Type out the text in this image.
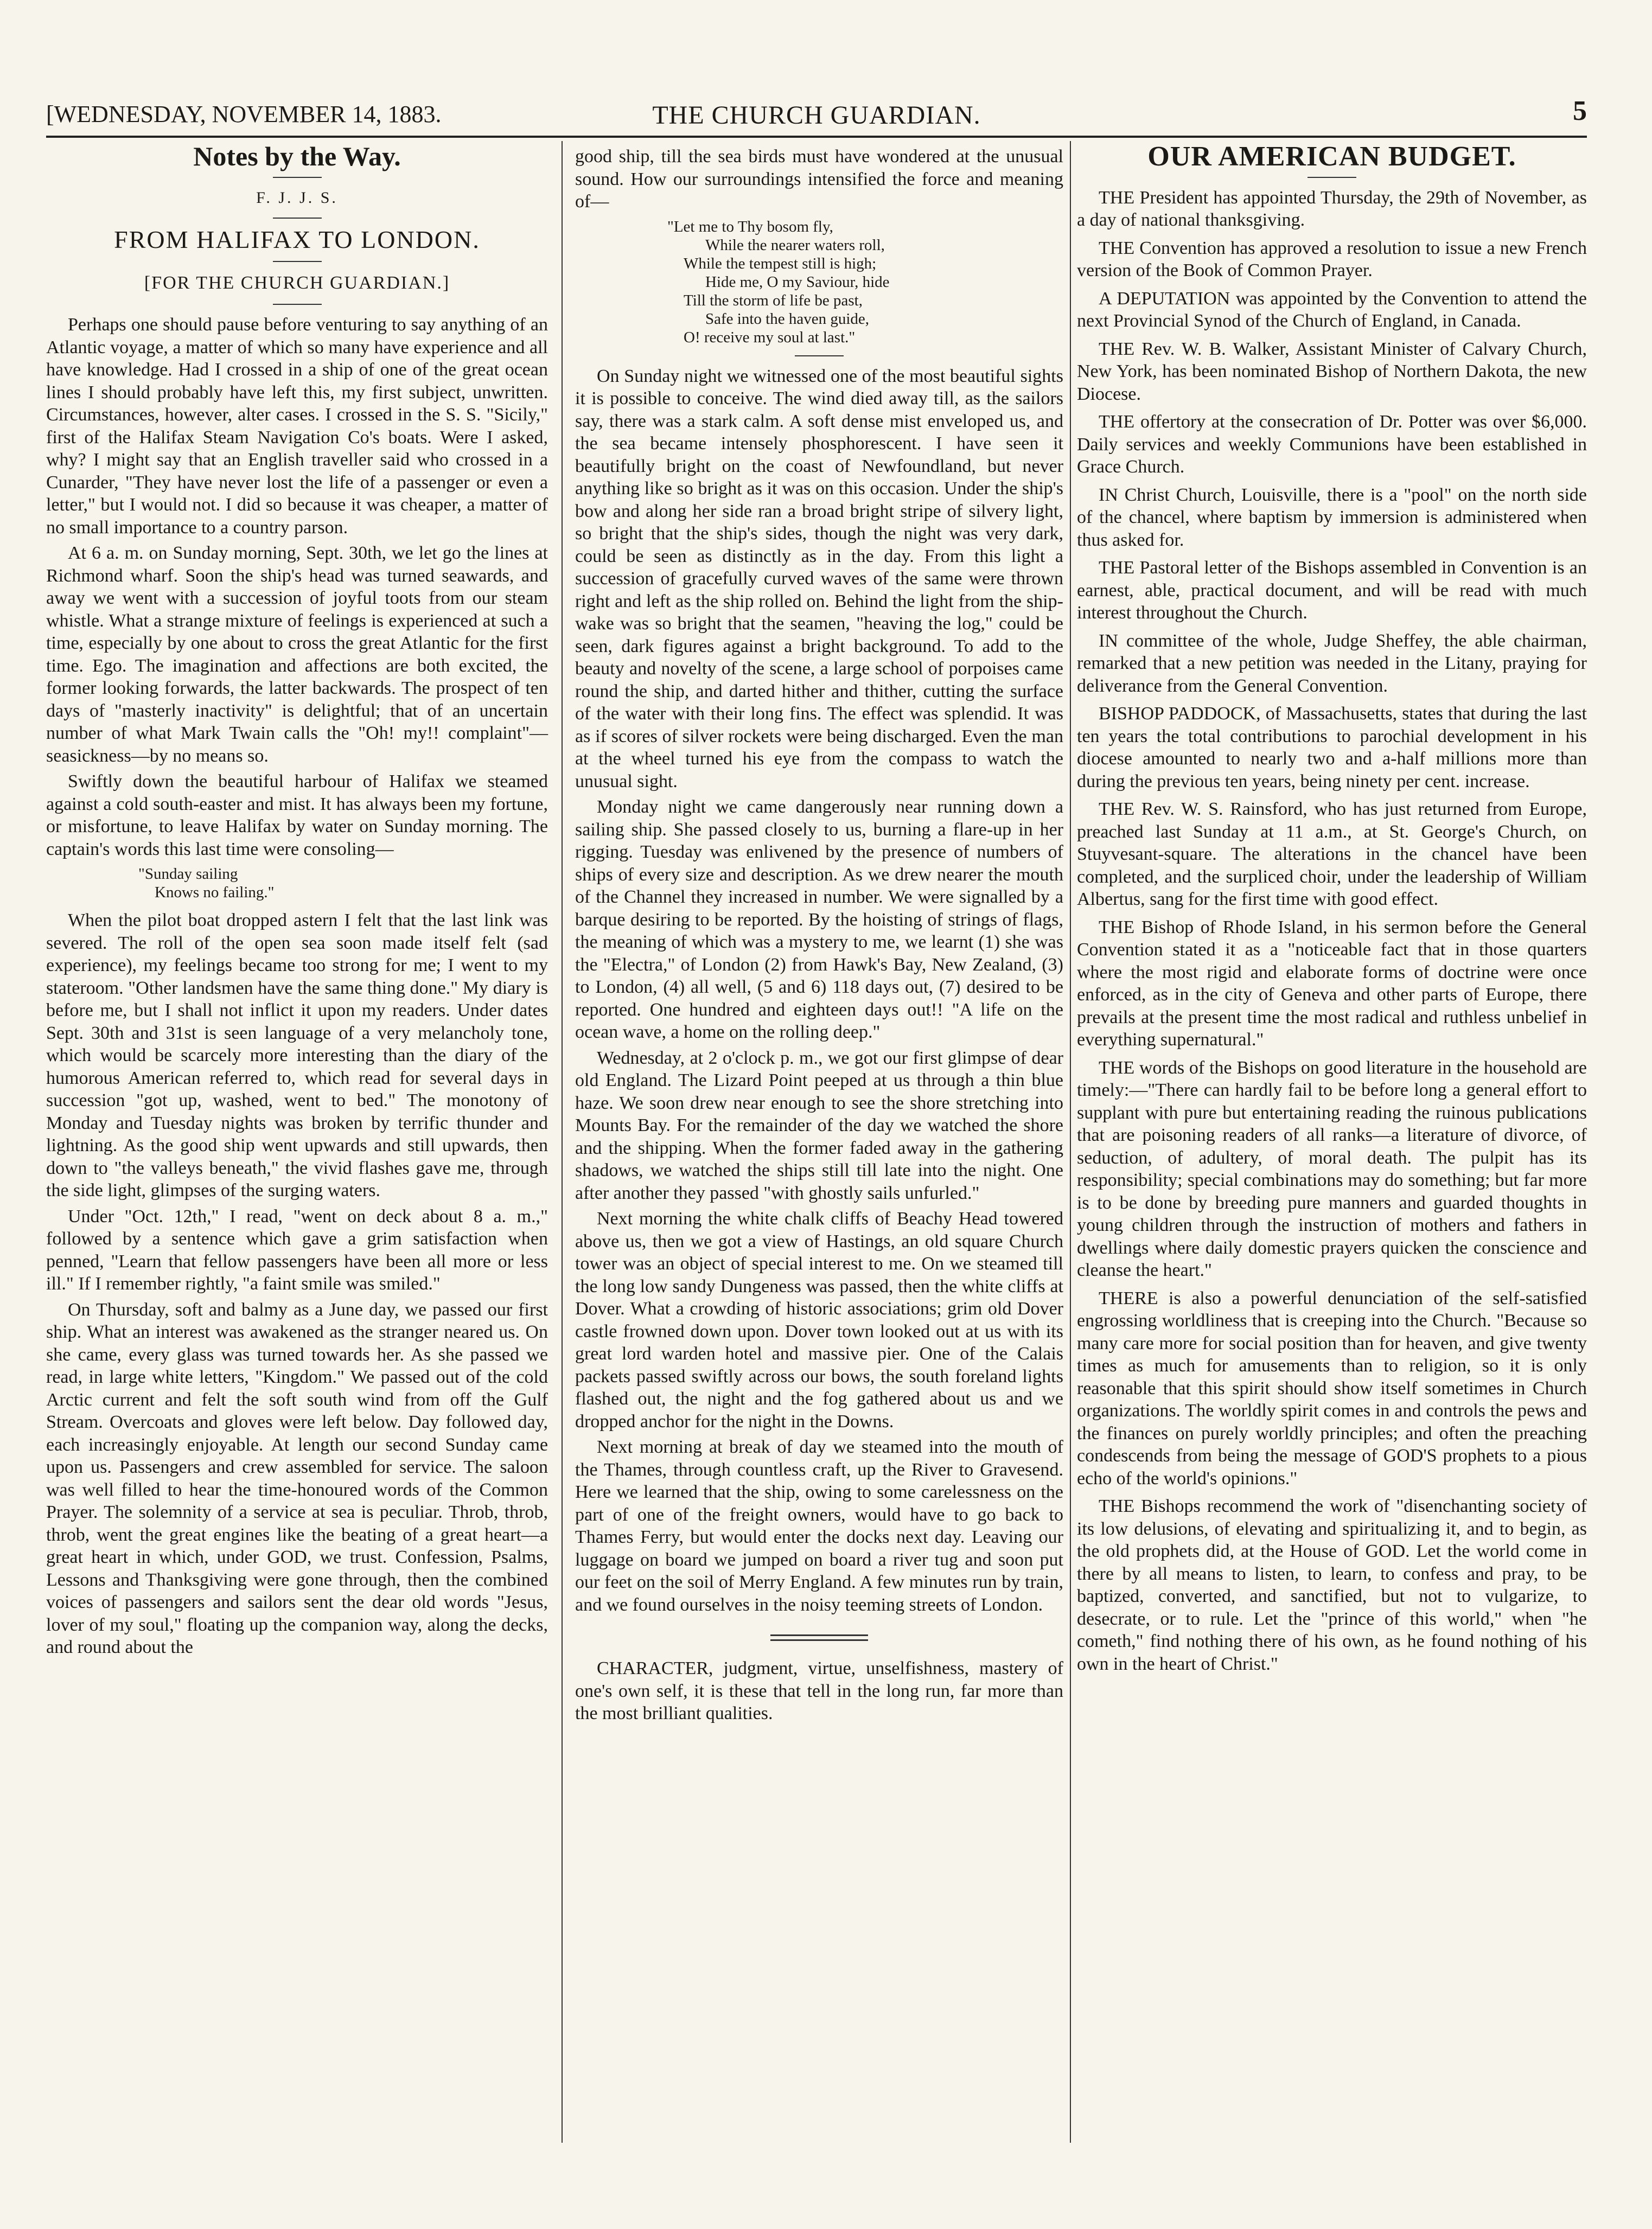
[WEDNESDAY, NOVEMBER 14, 1883.	THE CHURCH GUARDIAN.	5
Notes by the Way.
F. J. J. S.
FROM HALIFAX TO LONDON.
[FOR THE CHURCH GUARDIAN.]

Perhaps one should pause before venturing to say anything of an Atlantic voyage, a matter of which so many have experience and all have knowledge. Had I crossed in a ship of one of the great ocean lines I should probably have left this, my first subject, unwritten. Circumstances, however, alter cases. I crossed in the S. S. "Sicily," first of the Halifax Steam Navigation Co's boats. Were I asked, why? I might say that an English traveller said who crossed in a Cunarder, "They have never lost the life of a passenger or even a letter," but I would not. I did so because it was cheaper, a matter of no small importance to a country parson.

At 6 a. m. on Sunday morning, Sept. 30th, we let go the lines at Richmond wharf. Soon the ship's head was turned seawards, and away we went with a succession of joyful toots from our steam whistle. What a strange mixture of feelings is experienced at such a time, especially by one about to cross the great Atlantic for the first time. Ego. The imagination and affections are both excited, the former looking forwards, the latter backwards. The prospect of ten days of "masterly inactivity" is delightful; that of an uncertain number of what Mark Twain calls the "Oh! my!! complaint"—seasickness—by no means so.

Swiftly down the beautiful harbour of Halifax we steamed against a cold south-easter and mist. It has always been my fortune, or misfortune, to leave Halifax by water on Sunday morning. The captain's words this last time were consoling—

"Sunday sailing
Knows no failing."

When the pilot boat dropped astern I felt that the last link was severed. The roll of the open sea soon made itself felt (sad experience), my feelings became too strong for me; I went to my stateroom. "Other landsmen have the same thing done." My diary is before me, but I shall not inflict it upon my readers. Under dates Sept. 30th and 31st is seen language of a very melancholy tone, which would be scarcely more interesting than the diary of the humorous American referred to, which read for several days in succession "got up, washed, went to bed." The monotony of Monday and Tuesday nights was broken by terrific thunder and lightning. As the good ship went upwards and still upwards, then down to "the valleys beneath," the vivid flashes gave me, through the side light, glimpses of the surging waters.

Under "Oct. 12th," I read, "went on deck about 8 a. m.," followed by a sentence which gave a grim satisfaction when penned, "Learn that fellow passengers have been all more or less ill." If I remember rightly, "a faint smile was smiled."

On Thursday, soft and balmy as a June day, we passed our first ship. What an interest was awakened as the stranger neared us. On she came, every glass was turned towards her. As she passed we read, in large white letters, "Kingdom." We passed out of the cold Arctic current and felt the soft south wind from off the Gulf Stream. Overcoats and gloves were left below. Day followed day, each increasingly enjoyable. At length our second Sunday came upon us. Passengers and crew assembled for service. The saloon was well filled to hear the time-honoured words of the Common Prayer. The solemnity of a service at sea is peculiar. Throb, throb, throb, went the great engines like the beating of a great heart—a great heart in which, under GOD, we trust. Confession, Psalms, Lessons and Thanksgiving were gone through, then the combined voices of passengers and sailors sent the dear old words "Jesus, lover of my soul," floating up the companion way, along the decks, and round about the

good ship, till the sea birds must have wondered at the unusual sound. How our surroundings intensified the force and meaning of—
"Let me to Thy bosom fly,
While the nearer waters roll,
While the tempest still is high;
Hide me, O my Saviour, hide
Till the storm of life be past,
Safe into the haven guide,
O! receive my soul at last."

On Sunday night we witnessed one of the most beautiful sights it is possible to conceive. The wind died away till, as the sailors say, there was a stark calm. A soft dense mist enveloped us, and the sea became intensely phosphorescent. I have seen it beautifully bright on the coast of Newfoundland, but never anything like so bright as it was on this occasion. Under the ship's bow and along her side ran a broad bright stripe of silvery light, so bright that the ship's sides, though the night was very dark, could be seen as distinctly as in the day. From this light a succession of gracefully curved waves of the same were thrown right and left as the ship rolled on. Behind the light from the ship-wake was so bright that the seamen, "heaving the log," could be seen, dark figures against a bright background. To add to the beauty and novelty of the scene, a large school of porpoises came round the ship, and darted hither and thither, cutting the surface of the water with their long fins. The effect was splendid. It was as if scores of silver rockets were being discharged. Even the man at the wheel turned his eye from the compass to watch the unusual sight.

Monday night we came dangerously near running down a sailing ship. She passed closely to us, burning a flare-up in her rigging. Tuesday was enlivened by the presence of numbers of ships of every size and description. As we drew nearer the mouth of the Channel they increased in number. We were signalled by a barque desiring to be reported. By the hoisting of strings of flags, the meaning of which was a mystery to me, we learnt (1) she was the "Electra," of London (2) from Hawk's Bay, New Zealand, (3) to London, (4) all well, (5 and 6) 118 days out, (7) desired to be reported. One hundred and eighteen days out!! "A life on the ocean wave, a home on the rolling deep."

Wednesday, at 2 o'clock p. m., we got our first glimpse of dear old England. The Lizard Point peeped at us through a thin blue haze. We soon drew near enough to see the shore stretching into Mounts Bay. For the remainder of the day we watched the shore and the shipping. When the former faded away in the gathering shadows, we watched the ships still till late into the night. One after another they passed "with ghostly sails unfurled."

Next morning the white chalk cliffs of Beachy Head towered above us, then we got a view of Hastings, an old square Church tower was an object of special interest to me. On we steamed till the long low sandy Dungeness was passed, then the white cliffs at Dover. What a crowding of historic associations; grim old Dover castle frowned down upon. Dover town looked out at us with its great lord warden hotel and massive pier. One of the Calais packets passed swiftly across our bows, the south foreland lights flashed out, the night and the fog gathered about us and we dropped anchor for the night in the Downs.

Next morning at break of day we steamed into the mouth of the Thames, through countless craft, up the River to Gravesend. Here we learned that the ship, owing to some carelessness on the part of one of the freight owners, would have to go back to Thames Ferry, but would enter the docks next day. Leaving our luggage on board we jumped on board a river tug and soon put our feet on the soil of Merry England. A few minutes run by train, and we found ourselves in the noisy teeming streets of London.

CHARACTER, judgment, virtue, unselfishness, mastery of one's own self, it is these that tell in the long run, far more than the most brilliant qualities.

OUR AMERICAN BUDGET.

THE President has appointed Thursday, the 29th of November, as a day of national thanksgiving.

THE Convention has approved a resolution to issue a new French version of the Book of Common Prayer.

A DEPUTATION was appointed by the Convention to attend the next Provincial Synod of the Church of England, in Canada.

THE Rev. W. B. Walker, Assistant Minister of Calvary Church, New York, has been nominated Bishop of Northern Dakota, the new Diocese.

THE offertory at the consecration of Dr. Potter was over $6,000. Daily services and weekly Communions have been established in Grace Church.

IN Christ Church, Louisville, there is a "pool" on the north side of the chancel, where baptism by immersion is administered when thus asked for.

THE Pastoral letter of the Bishops assembled in Convention is an earnest, able, practical document, and will be read with much interest throughout the Church.

IN committee of the whole, Judge Sheffey, the able chairman, remarked that a new petition was needed in the Litany, praying for deliverance from the General Convention.

BISHOP PADDOCK, of Massachusetts, states that during the last ten years the total contributions to parochial development in his diocese amounted to nearly two and a-half millions more than during the previous ten years, being ninety per cent. increase.

THE Rev. W. S. Rainsford, who has just returned from Europe, preached last Sunday at 11 a.m., at St. George's Church, on Stuyvesant-square. The alterations in the chancel have been completed, and the surpliced choir, under the leadership of William Albertus, sang for the first time with good effect.

THE Bishop of Rhode Island, in his sermon before the General Convention stated it as a "noticeable fact that in those quarters where the most rigid and elaborate forms of doctrine were once enforced, as in the city of Geneva and other parts of Europe, there prevails at the present time the most radical and ruthless unbelief in everything supernatural."

THE words of the Bishops on good literature in the household are timely:—"There can hardly fail to be before long a general effort to supplant with pure but entertaining reading the ruinous publications that are poisoning readers of all ranks—a literature of divorce, of seduction, of adultery, of moral death. The pulpit has its responsibility; special combinations may do something; but far more is to be done by breeding pure manners and guarded thoughts in young children through the instruction of mothers and fathers in dwellings where daily domestic prayers quicken the conscience and cleanse the heart."

THERE is also a powerful denunciation of the self-satisfied engrossing worldliness that is creeping into the Church. "Because so many care more for social position than for heaven, and give twenty times as much for amusements than to religion, so it is only reasonable that this spirit should show itself sometimes in Church organizations. The worldly spirit comes in and controls the pews and the finances on purely worldly principles; and often the preaching condescends from being the message of GOD'S prophets to a pious echo of the world's opinions."

THE Bishops recommend the work of "disenchanting society of its low delusions, of elevating and spiritualizing it, and to begin, as the old prophets did, at the House of GOD. Let the world come in there by all means to listen, to learn, to confess and pray, to be baptized, converted, and sanctified, but not to vulgarize, to desecrate, or to rule. Let the "prince of this world," when "he cometh," find nothing there of his own, as he found nothing of his own in the heart of Christ."
